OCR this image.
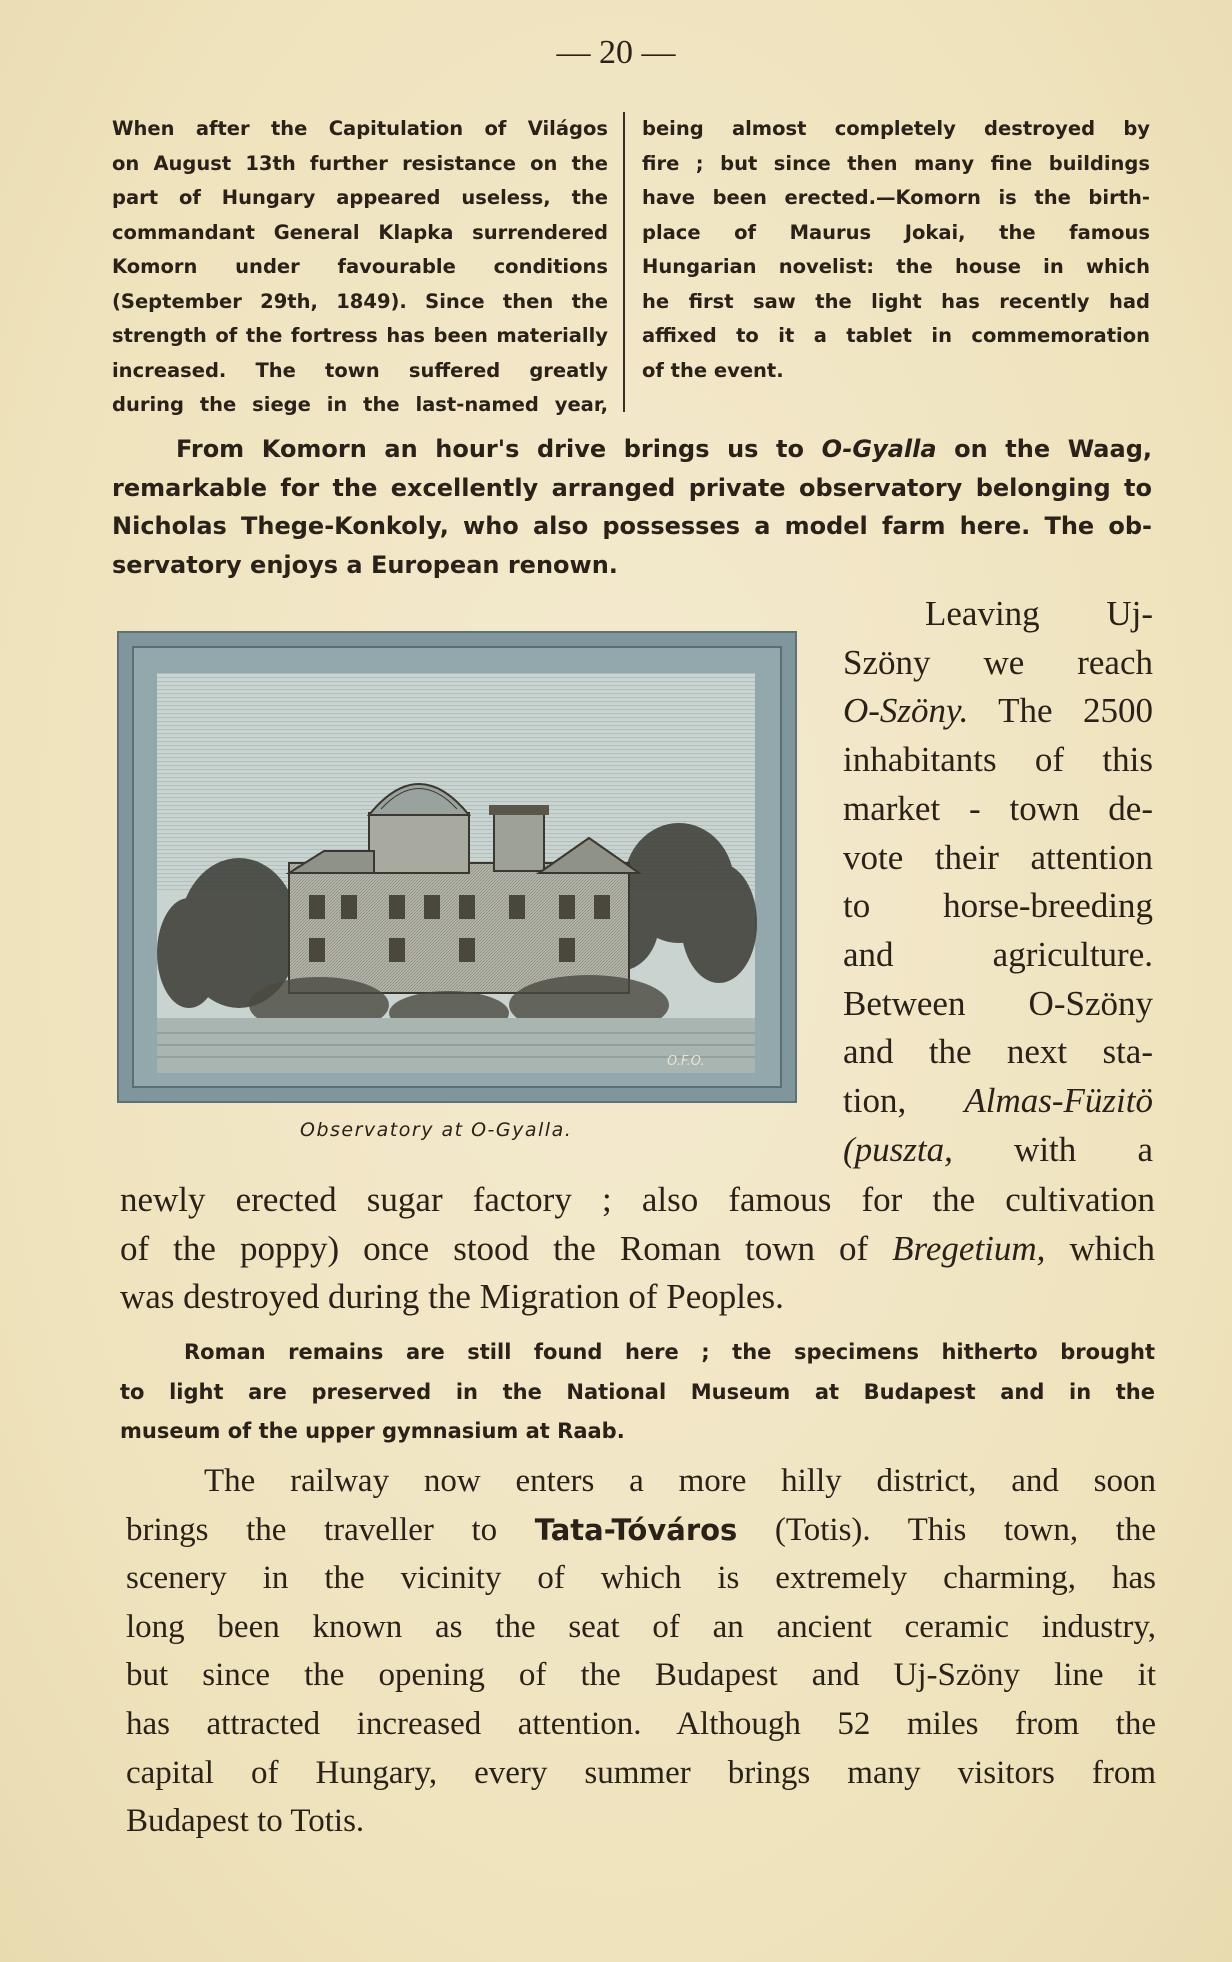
— 20 —
When after the Capitulation of Világos
on August 13th further resistance on the
part of Hungary appeared useless, the
commandant General Klapka surrendered
Komorn under favourable conditions
(September 29th, 1849). Since then the
strength of the fortress has been materially
increased. The town suffered greatly
during the siege in the last-named year,
being almost completely destroyed by
fire ; but since then many fine buildings
have been erected.—Komorn is the birth-
place of Maurus Jokai, the famous
Hungarian novelist: the house in which
he first saw the light has recently had
affixed to it a tablet in commemoration
of the event.
From Komorn an hour's drive brings us to O-Gyalla on the Waag,
remarkable for the excellently arranged private observatory belonging to
Nicholas Thege-Konkoly, who also possesses a model farm here. The ob-
servatory enjoys a European renown.
O.F.O.
Observatory at O-Gyalla.
Leaving Uj-
Szöny we reach
O-Szöny. The 2500
inhabitants of this
market - town de-
vote their attention
to horse-breeding
and agriculture.
Between O-Szöny
and the next sta-
tion, Almas-Füzitö
(puszta, with a
newly erected sugar factory ; also famous for the cultivation
of the poppy) once stood the Roman town of Bregetium, which
was destroyed during the Migration of Peoples.
Roman remains are still found here ; the specimens hitherto brought
to light are preserved in the National Museum at Budapest and in the
museum of the upper gymnasium at Raab.
The railway now enters a more hilly district, and soon
brings the traveller to Tata-Tóváros (Totis). This town, the
scenery in the vicinity of which is extremely charming, has
long been known as the seat of an ancient ceramic industry,
but since the opening of the Budapest and Uj-Szöny line it
has attracted increased attention. Although 52 miles from the
capital of Hungary, every summer brings many visitors from
Budapest to Totis.
